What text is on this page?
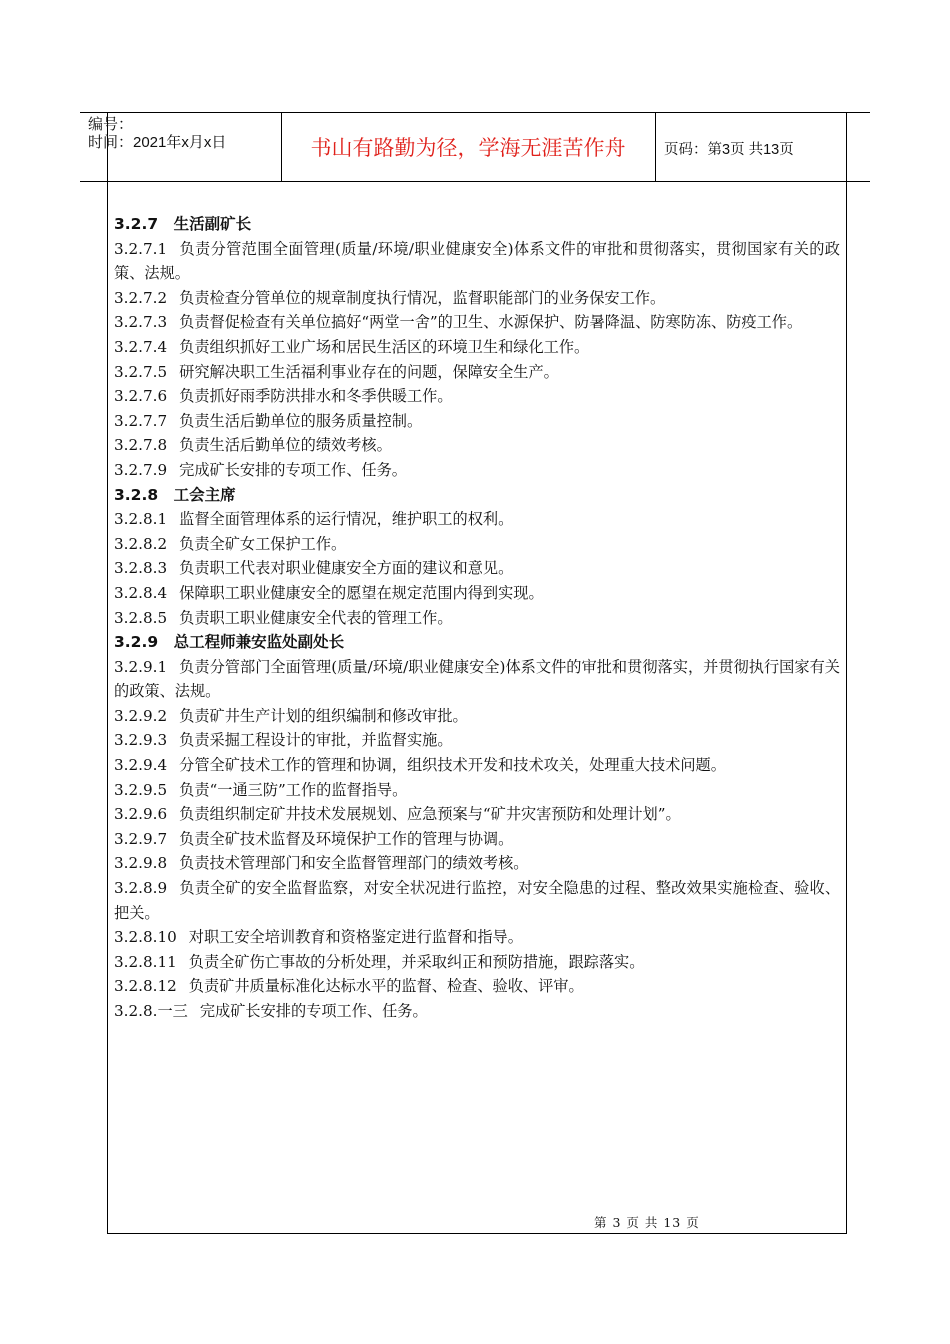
编号：
时间：2021年x月x日	书山有路勤为径，学海无涯苦作舟	页码：第3页 共13页

3.2.7　生活副矿长

3.2.7.1 负责分管范围全面管理(质量/环境/职业健康安全)体系文件的审批和贯彻落实，贯彻国家有关的政策、法规。

3.2.7.2 负责检查分管单位的规章制度执行情况，监督职能部门的业务保安工作。

3.2.7.3 负责督促检查有关单位搞好“两堂一舍”的卫生、水源保护、防暑降温、防寒防冻、防疫工作。

3.2.7.4 负责组织抓好工业广场和居民生活区的环境卫生和绿化工作。

3.2.7.5 研究解决职工生活福利事业存在的问题，保障安全生产。

3.2.7.6 负责抓好雨季防洪排水和冬季供暖工作。

3.2.7.7 负责生活后勤单位的服务质量控制。

3.2.7.8 负责生活后勤单位的绩效考核。

3.2.7.9 完成矿长安排的专项工作、任务。

3.2.8　工会主席

3.2.8.1 监督全面管理体系的运行情况，维护职工的权利。

3.2.8.2 负责全矿女工保护工作。

3.2.8.3 负责职工代表对职业健康安全方面的建议和意见。

3.2.8.4 保障职工职业健康安全的愿望在规定范围内得到实现。

3.2.8.5 负责职工职业健康安全代表的管理工作。

3.2.9　总工程师兼安监处副处长

3.2.9.1 负责分管部门全面管理(质量/环境/职业健康安全)体系文件的审批和贯彻落实，并贯彻执行国家有关的政策、法规。

3.2.9.2 负责矿井生产计划的组织编制和修改审批。

3.2.9.3 负责采掘工程设计的审批，并监督实施。

3.2.9.4 分管全矿技术工作的管理和协调，组织技术开发和技术攻关，处理重大技术问题。

3.2.9.5 负责“一通三防”工作的监督指导。

3.2.9.6 负责组织制定矿井技术发展规划、应急预案与“矿井灾害预防和处理计划”。

3.2.9.7 负责全矿技术监督及环境保护工作的管理与协调。

3.2.9.8 负责技术管理部门和安全监督管理部门的绩效考核。

3.2.8.9 负责全矿的安全监督监察，对安全状况进行监控，对安全隐患的过程、整改效果实施检查、验收、把关。

3.2.8.10 对职工安全培训教育和资格鉴定进行监督和指导。

3.2.8.11 负责全矿伤亡事故的分析处理，并采取纠正和预防措施，跟踪落实。

3.2.8.12 负责矿井质量标准化达标水平的监督、检查、验收、评审。

3.2.8.一三 完成矿长安排的专项工作、任务。

第 3 页 共 13 页
